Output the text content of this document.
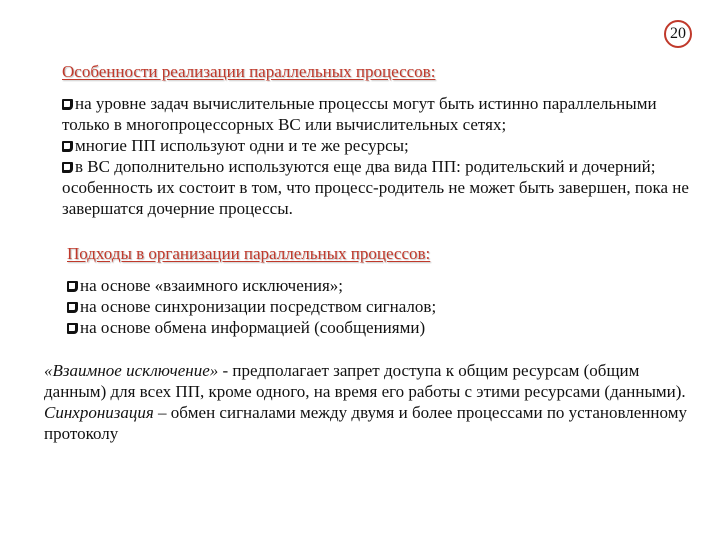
20
Особенности реализации параллельных процессов:

на уровне задач вычислительные процессы могут быть истинно параллельными только в многопроцессорных ВС или вычислительных сетях;

многие ПП используют одни и те же ресурсы;

в ВС дополнительно используются еще два вида ПП: родительский и дочерний; особенность их состоит в том, что процесс-родитель не может быть завершен, пока не завершатся дочерние процессы.

Подходы в организации параллельных процессов:

на основе «взаимного исключения»;

на основе синхронизации посредством сигналов;

на основе обмена информацией (сообщениями)

«Взаимное исключение» - предполагает запрет доступа к общим ресурсам (общим данным) для всех ПП, кроме одного, на время его работы с этими ресурсами (данными).

Синхронизация – обмен сигналами между двумя и более процессами по установленному протоколу
